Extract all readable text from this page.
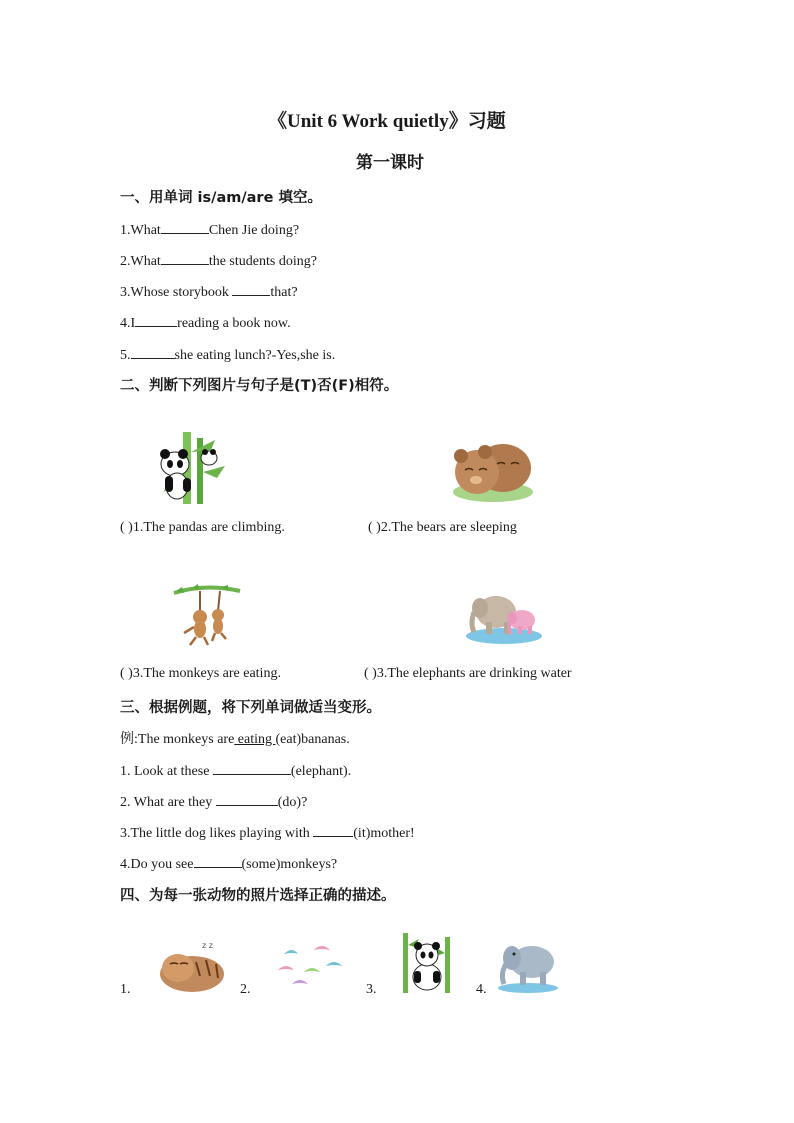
《Unit 6 Work quietly》习题
第一课时
一、用单词 is/am/are 填空。
1.What	Chen Jie doing?
2.What	the students doing?
3.Whose storybook	that?
4.I	reading a book now.
5.	she eating lunch?-Yes,she is.
二、判断下列图片与句子是(T)否(F)相符。
( )1.The pandas are climbing.	( )2.The bears are sleeping
( )3.The monkeys are eating.	( )3.The elephants are drinking water
三、根据例题，将下列单词做适当变形。
例:The monkeys are eating (eat)bananas.
1. Look at these	(elephant).
2. What are they	(do)?
3.The little dog likes playing with	(it)mother!
4.Do you see	(some)monkeys?
四、为每一张动物的照片选择正确的描述。
1.
z z
2.	3.	4.
